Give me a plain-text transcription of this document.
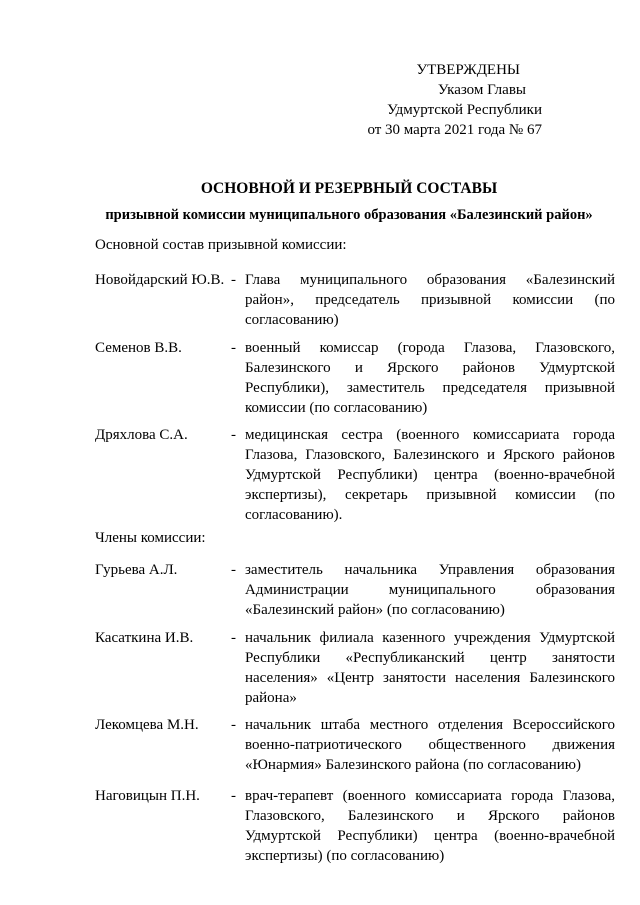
УТВЕРЖДЕНЫ
Указом Главы
Удмуртской Республики
от 30 марта 2021 года № 67
ОСНОВНОЙ И РЕЗЕРВНЫЙ СОСТАВЫ
призывной комиссии муниципального образования «Балезинский район»
Основной состав призывной комиссии:
Новойдарский Ю.В. - Глава муниципального образования «Балезинский район», председатель призывной комиссии (по согласованию)
Семенов В.В.	- военный комиссар (города Глазова, Глазовского, Балезинского и Ярского районов Удмуртской Республики), заместитель председателя призывной комиссии (по согласованию)
Дряхлова С.А.	- медицинская сестра (военного комиссариата города Глазова, Глазовского, Балезинского и Ярского районов Удмуртской Республики) центра (военно-врачебной экспертизы), секретарь призывной комиссии (по согласованию).
Члены комиссии:
Гурьева А.Л.	- заместитель начальника Управления образования Администрации муниципального образования «Балезинский район» (по согласованию)
Касаткина И.В.	- начальник филиала казенного учреждения Удмуртской Республики «Республиканский центр занятости населения» «Центр занятости населения Балезинского района»
Лекомцева М.Н. - начальник штаба местного отделения Всероссийского военно-патриотического общественного движения «Юнармия» Балезинского района (по согласованию)
Наговицын П.Н. - врач-терапевт (военного комиссариата города Глазова, Глазовского, Балезинского и Ярского районов Удмуртской Республики) центра (военно-врачебной экспертизы) (по согласованию)
